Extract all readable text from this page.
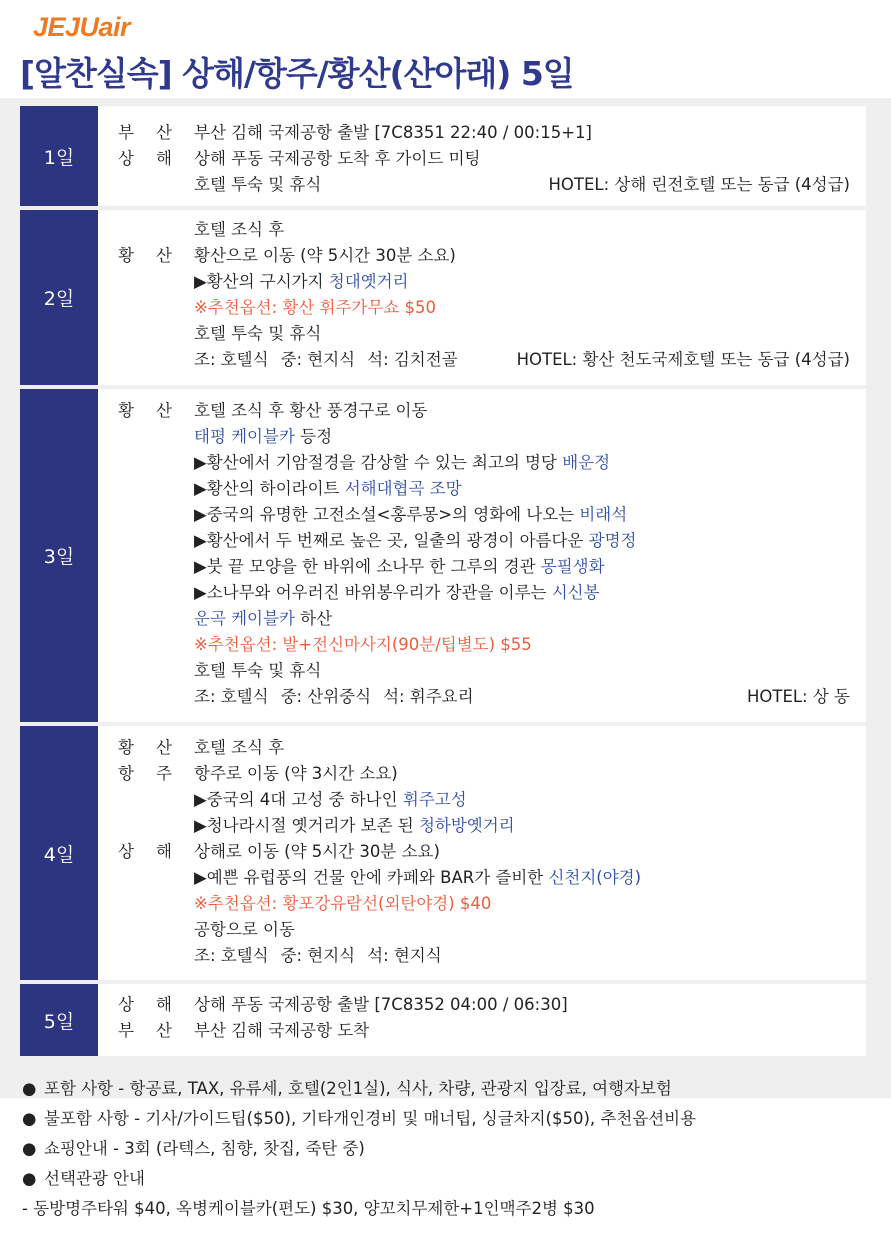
JEJUair
[알찬실속] 상해/항주/황산(산아래) 5일
1일
부 산 부산 김해 국제공항 출발 [7C8351 22:40 / 00:15+1]
상 해 상해 푸동 국제공항 도착 후 가이드 미팅
호텔 투숙 및 휴식	HOTEL: 상해 린전호텔 또는 동급 (4성급)
2일
호텔 조식 후
황 산 황산으로 이동 (약 5시간 30분 소요)
▶황산의 구시가지 청대옛거리
※추천옵션: 황산 휘주가무쇼 $50
호텔 투숙 및 휴식
조: 호텔식 중: 현지식 석: 김치전골	HOTEL: 황산 천도국제호텔 또는 동급 (4성급)
3일
황 산 호텔 조식 후 황산 풍경구로 이동
태평 케이블카 등정
▶황산에서 기암절경을 감상할 수 있는 최고의 명당 배운정
▶황산의 하이라이트 서해대협곡 조망
▶중국의 유명한 고전소설<홍루몽>의 영화에 나오는 비래석
▶황산에서 두 번째로 높은 곳, 일출의 광경이 아름다운 광명정
▶붓 끝 모양을 한 바위에 소나무 한 그루의 경관 몽필생화
▶소나무와 어우러진 바위봉우리가 장관을 이루는 시신봉
운곡 케이블카 하산
※추천옵션: 발+전신마사지(90분/팁별도) $55
호텔 투숙 및 휴식
조: 호텔식 중: 산위중식 석: 휘주요리	HOTEL: 상 동
4일
황 산 호텔 조식 후
항 주 항주로 이동 (약 3시간 소요)
▶중국의 4대 고성 중 하나인 휘주고성
▶청나라시절 옛거리가 보존 된 청하방옛거리
상 해 상해로 이동 (약 5시간 30분 소요)
▶예쁜 유럽풍의 건물 안에 카페와 BAR가 즐비한 신천지(야경)
※추천옵션: 황포강유람선(외탄야경) $40
공항으로 이동
조: 호텔식 중: 현지식 석: 현지식
5일
상 해 상해 푸동 국제공항 출발 [7C8352 04:00 / 06:30]
부 산 부산 김해 국제공항 도착
● 포함 사항 - 항공료, TAX, 유류세, 호텔(2인1실), 식사, 차량, 관광지 입장료, 여행자보험
● 불포함 사항 - 기사/가이드팁($50), 기타개인경비 및 매너팁, 싱글차지($50), 추천옵션비용
● 쇼핑안내 - 3회 (라텍스, 침향, 찻집, 죽탄 중)
● 선택관광 안내
- 동방명주타워 $40, 옥병케이블카(편도) $30, 양꼬치무제한+1인맥주2병 $30
